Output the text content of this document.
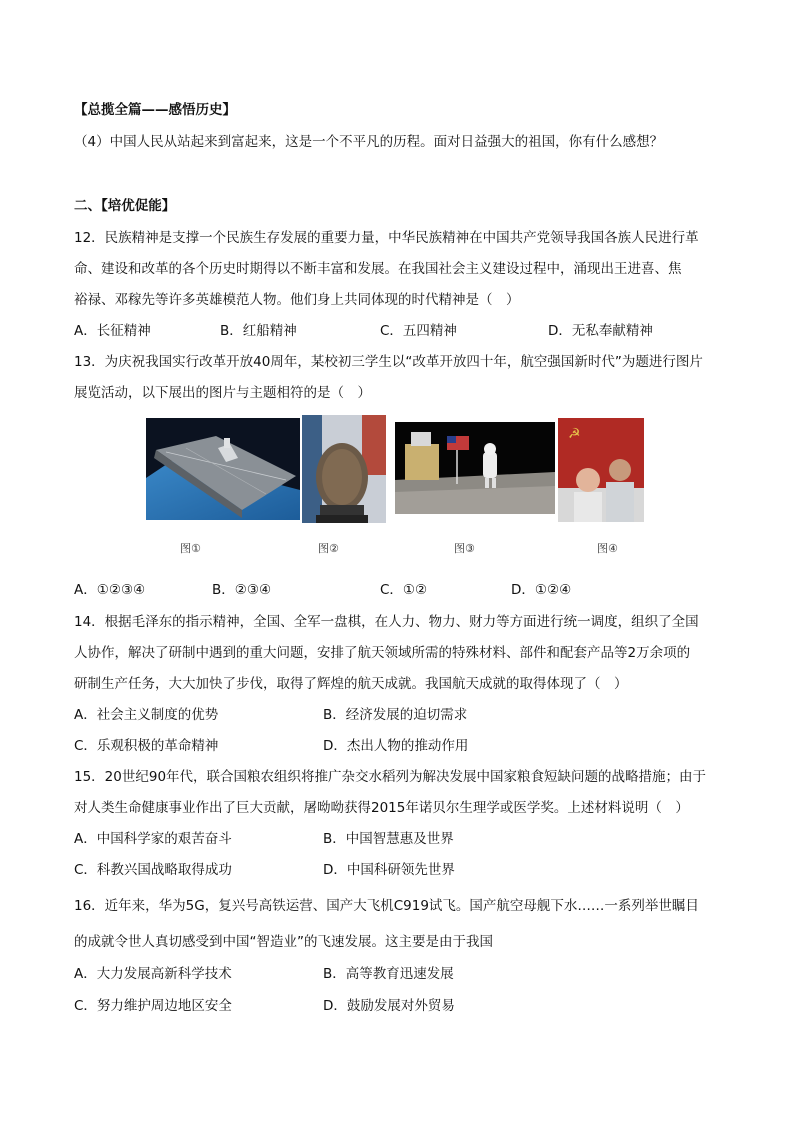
【总揽全篇——感悟历史】
（4）中国人民从站起来到富起来，这是一个不平凡的历程。面对日益强大的祖国，你有什么感想？
二、【培优促能】
12．民族精神是支撑一个民族生存发展的重要力量，中华民族精神在中国共产党领导我国各族人民进行革
命、建设和改革的各个历史时期得以不断丰富和发展。在我国社会主义建设过程中，涌现出王进喜、焦
裕禄、邓稼先等许多英雄模范人物。他们身上共同体现的时代精神是（　）
A．长征精神	B．红船精神	C．五四精神	D．无私奉献精神
13．为庆祝我国实行改革开放40周年，某校初三学生以“改革开放四十年，航空强国新时代”为题进行图片
展览活动，以下展出的图片与主题相符的是（　）
☭
图①	图②	图③	图④
A．①②③④	B．②③④	C．①②	D．①②④
14．根据毛泽东的指示精神，全国、全军一盘棋，在人力、物力、财力等方面进行统一调度，组织了全国
人协作，解决了研制中遇到的重大问题，安排了航天领域所需的特殊材料、部件和配套产品等2万余项的
研制生产任务，大大加快了步伐，取得了辉煌的航天成就。我国航天成就的取得体现了（　）
A．社会主义制度的优势	B．经济发展的迫切需求
C．乐观积极的革命精神	D．杰出人物的推动作用
15．20世纪90年代，联合国粮农组织将推广杂交水稻列为解决发展中国家粮食短缺问题的战略措施；由于
对人类生命健康事业作出了巨大贡献，屠呦呦获得2015年诺贝尔生理学或医学奖。上述材料说明（　）
A．中国科学家的艰苦奋斗	B．中国智慧惠及世界
C．科教兴国战略取得成功	D．中国科研领先世界
16．近年来，华为5G，复兴号高铁运营、国产大飞机C919试飞。国产航空母舰下水……一系列举世瞩目
的成就令世人真切感受到中国“智造业”的飞速发展。这主要是由于我国
A．大力发展高新科学技术	B．高等教育迅速发展
C．努力维护周边地区安全	D．鼓励发展对外贸易
